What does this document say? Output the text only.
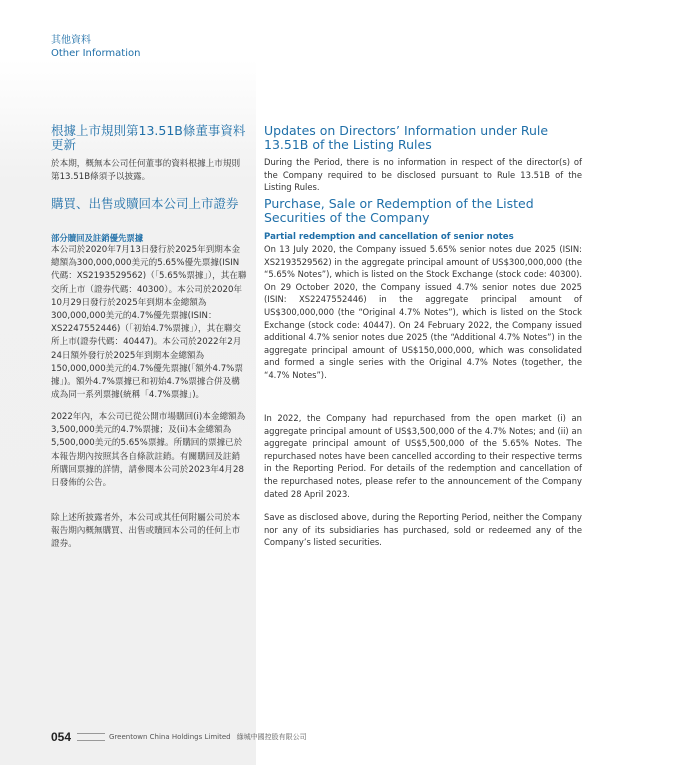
其他資料
Other Information
根據上市規則第13.51B條董事資料更新

於本期，概無本公司任何董事的資料根據上市規則第13.51B條須予以披露。

購買、出售或贖回本公司上市證券

部分贖回及註銷優先票據

本公司於2020年7月13日發行於2025年到期本金總額為300,000,000美元的5.65%優先票據(ISIN代碼：XS2193529562)（「5.65%票據」），其在聯交所上市（證券代碼：40300）。本公司於2020年10月29日發行於2025年到期本金總額為300,000,000美元的4.7%優先票據(ISIN：XS2247552446)（「初始4.7%票據」），其在聯交所上市(證券代碼：40447)。本公司於2022年2月24日額外發行於2025年到期本金總額為150,000,000美元的4.7%優先票據(「額外4.7%票據」)。額外4.7%票據已和初始4.7%票據合併及構成為同一系列票據(統稱「4.7%票據」)。

2022年內，本公司已從公開市場購回(i)本金總額為3,500,000美元的4.7%票據；及(ii)本金總額為5,500,000美元的5.65%票據。所購回的票據已於本報告期內按照其各自條款註銷。有關購回及註銷所購回票據的詳情，請參閱本公司於2023年4月28日發佈的公告。

除上述所披露者外，本公司或其任何附屬公司於本報告期內概無購買、出售或贖回本公司的任何上市證券。

Updates on Directors’ Information under Rule 13.51B of the Listing Rules

During the Period, there is no information in respect of the director(s) of the Company required to be disclosed pursuant to Rule 13.51B of the Listing Rules.

Purchase, Sale or Redemption of the Listed Securities of the Company

Partial redemption and cancellation of senior notes

On 13 July 2020, the Company issued 5.65% senior notes due 2025 (ISIN: XS2193529562) in the aggregate principal amount of US$300,000,000 (the “5.65% Notes”), which is listed on the Stock Exchange (stock code: 40300). On 29 October 2020, the Company issued 4.7% senior notes due 2025 (ISIN: XS2247552446) in the aggregate principal amount of US$300,000,000 (the “Original 4.7% Notes”), which is listed on the Stock Exchange (stock code: 40447). On 24 February 2022, the Company issued additional 4.7% senior notes due 2025 (the “Additional 4.7% Notes”) in the aggregate principal amount of US$150,000,000, which was consolidated and formed a single series with the Original 4.7% Notes (together, the “4.7% Notes”).

In 2022, the Company had repurchased from the open market (i) an aggregate principal amount of US$3,500,000 of the 4.7% Notes; and (ii) an aggregate principal amount of US$5,500,000 of the 5.65% Notes. The repurchased notes have been cancelled according to their respective terms in the Reporting Period. For details of the redemption and cancellation of the repurchased notes, please refer to the announcement of the Company dated 28 April 2023.

Save as disclosed above, during the Reporting Period, neither the Company nor any of its subsidiaries has purchased, sold or redeemed any of the Company’s listed securities.

054	Greentown China Holdings Limited 綠城中國控股有限公司
